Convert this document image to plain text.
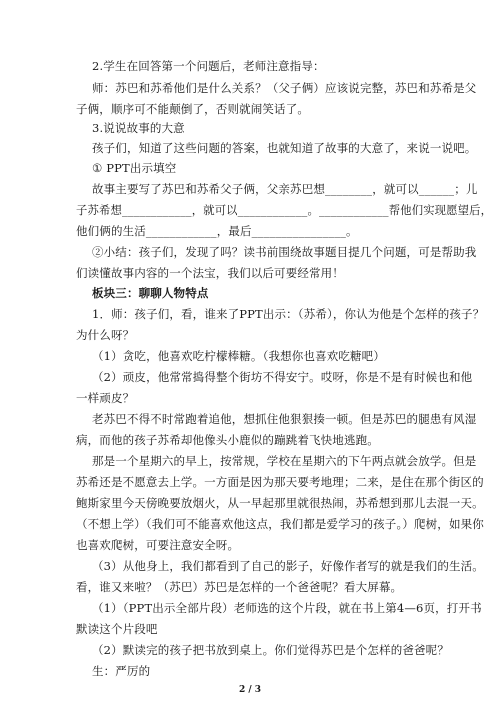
2.学生在回答第一个问题后，老师注意指导：
师：苏巴和苏希他们是什么关系？（父子俩）应该说完整，苏巴和苏希是父
子俩，顺序可不能颠倒了，否则就闹笑话了。
3.说说故事的大意
孩子们，知道了这些问题的答案，也就知道了故事的大意了，来说一说吧。
① PPT出示填空
故事主要写了苏巴和苏希父子俩，父亲苏巴想________，就可以______；儿
子苏希想____________，就可以____________。____________帮他们实现愿望后，
他们俩的生活____________，最后________________。
②小结：孩子们，发现了吗？读书前围绕故事题目提几个问题，可是帮助我
们读懂故事内容的一个法宝，我们以后可要经常用！
板块三：聊聊人物特点
1．师：孩子们，看，谁来了PPT出示：（苏希），你认为他是个怎样的孩子？
为什么呀？
（1）贪吃，他喜欢吃柠檬棒糖。（我想你也喜欢吃糖吧）
（2）顽皮，他常常捣得整个街坊不得安宁。哎呀，你是不是有时候也和他
一样顽皮？
老苏巴不得不时常跑着追他，想抓住他狠狠揍一顿。但是苏巴的腿患有风湿
病，而他的孩子苏希却他像头小鹿似的蹦跳着飞快地逃跑。
那是一个星期六的早上，按常规，学校在星期六的下午两点就会放学。但是
苏希还是不愿意去上学。一方面是因为那天要考地理；二来，是住在那个街区的
鲍斯家里今天傍晚要放烟火，从一早起那里就很热闹，苏希想到那儿去混一天。
（不想上学）（我们可不能喜欢他这点，我们都是爱学习的孩子。）爬树，如果你
也喜欢爬树，可要注意安全呀。
（3）从他身上，我们都看到了自己的影子，好像作者写的就是我们的生活。
看，谁又来啦？（苏巴）苏巴是怎样的一个爸爸呢？看大屏幕。
（1）（PPT出示全部片段）老师选的这个片段，就在书上第4—6页，打开书
默读这个片段吧
（2）默读完的孩子把书放到桌上。你们觉得苏巴是个怎样的爸爸呢？
生：严厉的
2 / 3
